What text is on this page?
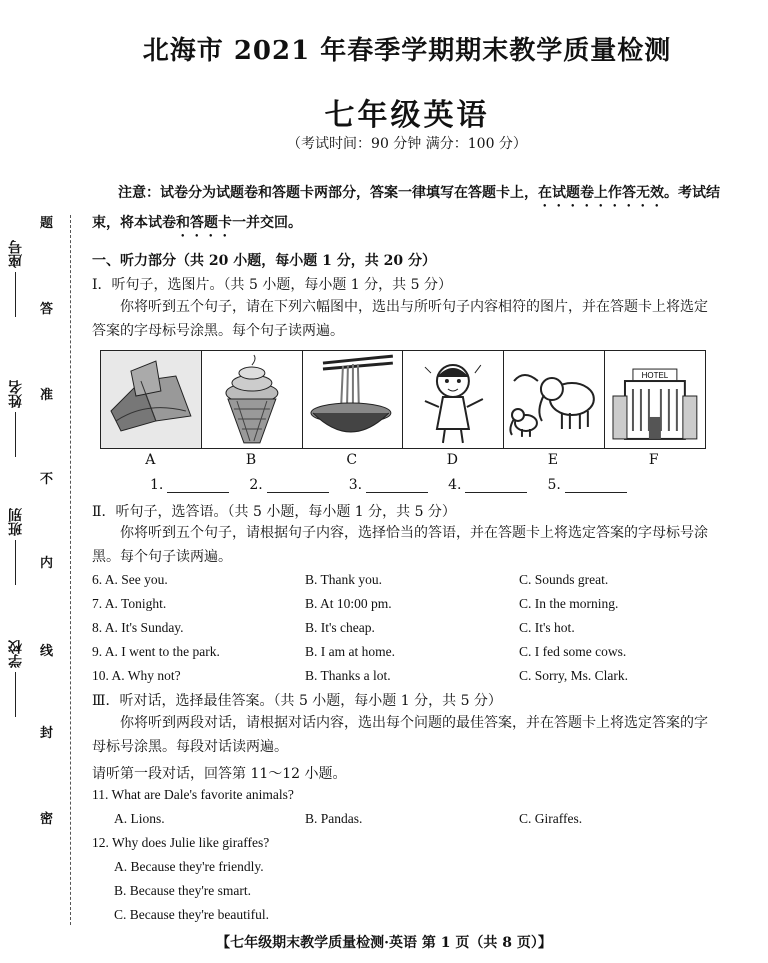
题
答
准
不
内
线
封
密
学校
班别
姓名
座号
北海市 2021 年春季学期期末教学质量检测
七年级英语
（考试时间：90 分钟 满分：100 分）
注意：试卷分为试题卷和答题卡两部分，答案一律填写在答题卡上，在试题卷上作答无效。考试结束，将本试卷和答题卡一并交回。
一、听力部分（共 20 小题，每小题 1 分，共 20 分）
Ⅰ．听句子，选图片。（共 5 小题，每小题 1 分，共 5 分）
你将听到五个句子，请在下列六幅图中，选出与所听句子内容相符的图片，并在答题卡上将选定答案的字母标号涂黑。每个句子读两遍。
HOTEL
A	B	C	D	E	F
1.	2.	3.	4.	5.
Ⅱ．听句子，选答语。（共 5 小题，每小题 1 分，共 5 分）
你将听到五个句子，请根据句子内容，选择恰当的答语，并在答题卡上将选定答案的字母标号涂黑。每个句子读两遍。
6. A. See you.	B. Thank you.	C. Sounds great.
7. A. Tonight.	B. At 10:00 pm.	C. In the morning.
8. A. It's Sunday.	B. It's cheap.	C. It's hot.
9. A. I went to the park.	B. I am at home.	C. I fed some cows.
10. A. Why not?	B. Thanks a lot.	C. Sorry, Ms. Clark.
Ⅲ．听对话，选择最佳答案。（共 5 小题，每小题 1 分，共 5 分）
你将听到两段对话，请根据对话内容，选出每个问题的最佳答案，并在答题卡上将选定答案的字母标号涂黑。每段对话读两遍。
请听第一段对话，回答第 11～12 小题。
11. What are Dale's favorite animals?
A. Lions.	B. Pandas.	C. Giraffes.
12. Why does Julie like giraffes?
A. Because they're friendly.
B. Because they're smart.
C. Because they're beautiful.
【七年级期末教学质量检测·英语 第 1 页（共 8 页）】
